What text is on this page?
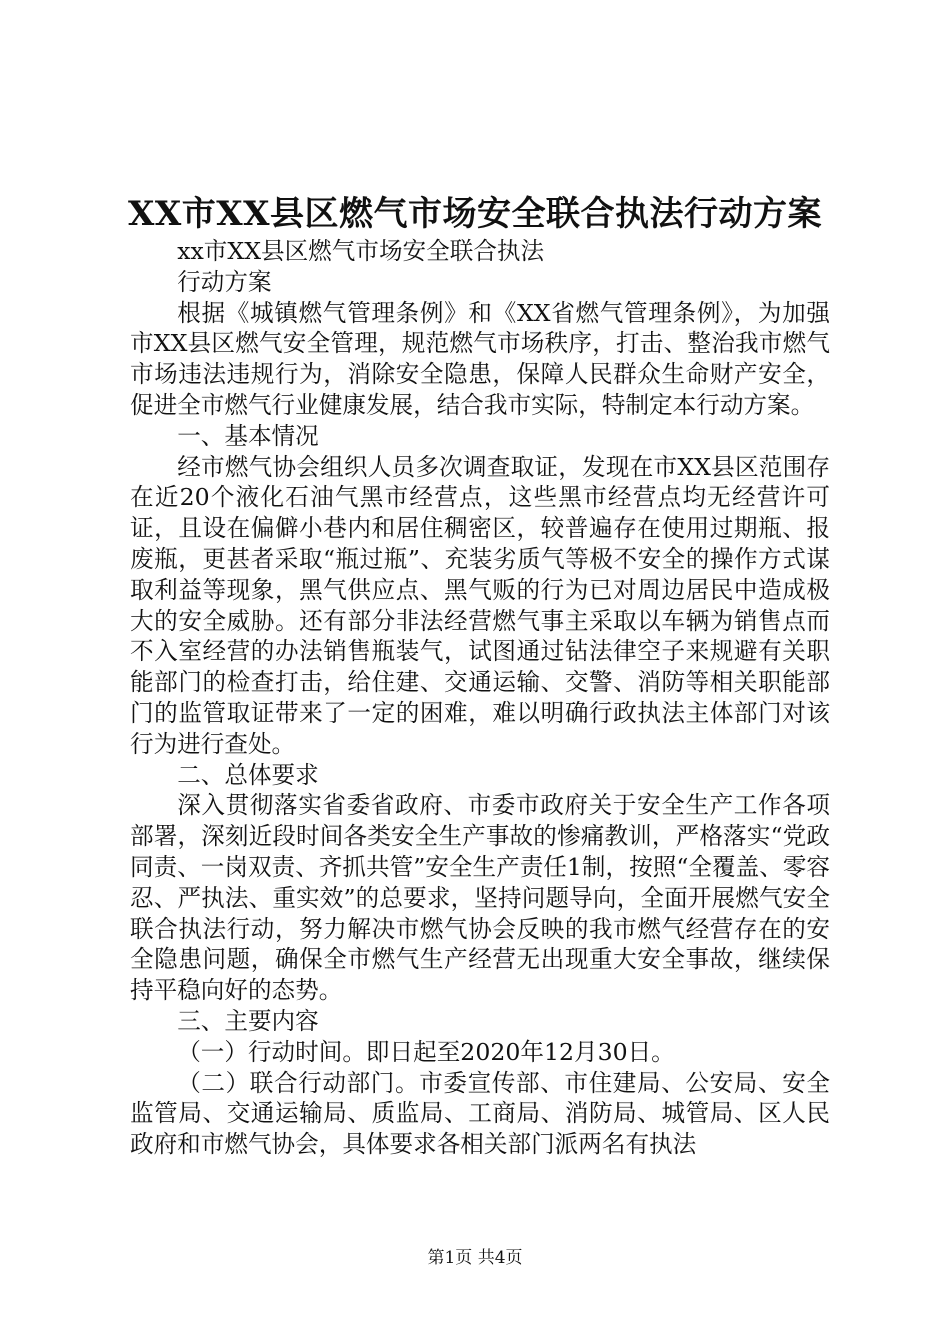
XX市XX县区燃气市场安全联合执法行动方案

xx市XX县区燃气市场安全联合执法

行动方案

根据《城镇燃气管理条例》和《XX省燃气管理条例》，为加强市XX县区燃气安全管理，规范燃气市场秩序，打击、整治我市燃气市场违法违规行为，消除安全隐患，保障人民群众生命财产安全，促进全市燃气行业健康发展，结合我市实际，特制定本行动方案。

一、基本情况

经市燃气协会组织人员多次调查取证，发现在市XX县区范围存在近20个液化石油气黑市经营点，这些黑市经营点均无经营许可证，且设在偏僻小巷内和居住稠密区，较普遍存在使用过期瓶、报废瓶，更甚者采取“瓶过瓶”、充装劣质气等极不安全的操作方式谋取利益等现象，黑气供应点、黑气贩的行为已对周边居民中造成极大的安全威胁。还有部分非法经营燃气事主采取以车辆为销售点而不入室经营的办法销售瓶装气，试图通过钻法律空子来规避有关职能部门的检查打击，给住建、交通运输、交警、消防等相关职能部门的监管取证带来了一定的困难，难以明确行政执法主体部门对该行为进行查处。

二、总体要求

深入贯彻落实省委省政府、市委市政府关于安全生产工作各项部署，深刻近段时间各类安全生产事故的惨痛教训，严格落实“党政同责、一岗双责、齐抓共管”安全生产责任1制，按照“全覆盖、零容忍、严执法、重实效”的总要求，坚持问题导向，全面开展燃气安全联合执法行动，努力解决市燃气协会反映的我市燃气经营存在的安全隐患问题，确保全市燃气生产经营无出现重大安全事故，继续保持平稳向好的态势。

三、主要内容

（一）行动时间。即日起至2020年12月30日。

（二）联合行动部门。市委宣传部、市住建局、公安局、安全监管局、交通运输局、质监局、工商局、消防局、城管局、区人民政府和市燃气协会，具体要求各相关部门派两名有执法

第1页 共4页
